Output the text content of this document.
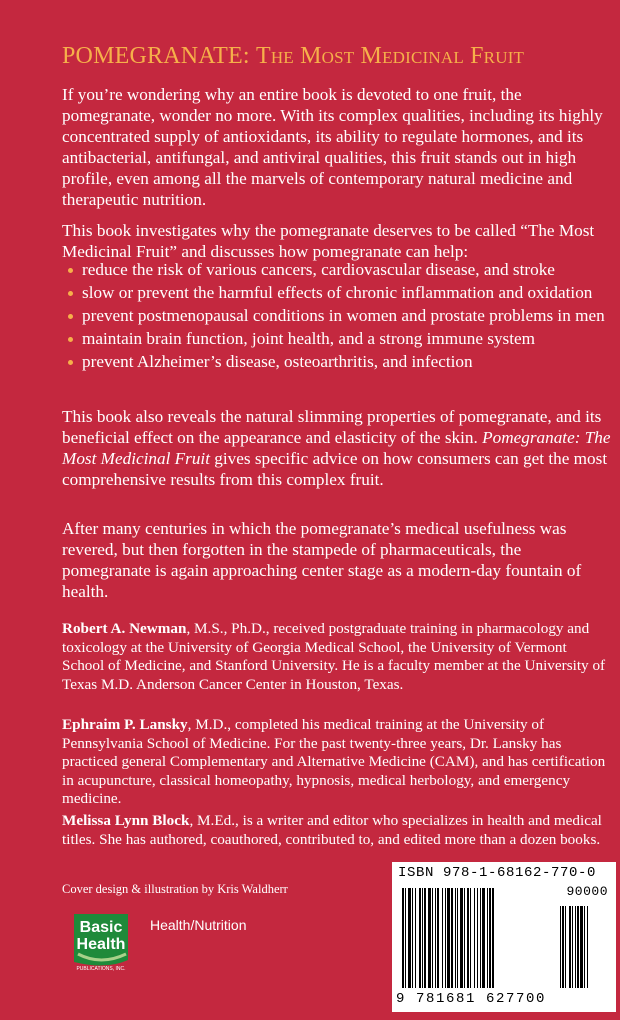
POMEGRANATE: The Most Medicinal Fruit

If you’re wondering why an entire book is devoted to one fruit, the pomegranate, wonder no more. With its complex qualities, including its highly concentrated supply of antioxidants, its ability to regulate hormones, and its antibacterial, antifungal, and antiviral qualities, this fruit stands out in high profile, even among all the marvels of contemporary natural medicine and therapeutic nutrition.

This book investigates why the pomegranate deserves to be called “The Most Medicinal Fruit” and discusses how pomegranate can help:

reduce the risk of various cancers, cardiovascular disease, and stroke
slow or prevent the harmful effects of chronic inflammation and oxidation
prevent postmenopausal conditions in women and prostate problems in men
maintain brain function, joint health, and a strong immune system
prevent Alzheimer’s disease, osteoarthritis, and infection

This book also reveals the natural slimming properties of pomegranate, and its beneficial effect on the appearance and elasticity of the skin. Pomegranate: The Most Medicinal Fruit gives specific advice on how consumers can get the most comprehensive results from this complex fruit.

After many centuries in which the pomegranate’s medical usefulness was revered, but then forgotten in the stampede of pharmaceuticals, the pomegranate is again approaching center stage as a modern-day fountain of health.

Robert A. Newman, M.S., Ph.D., received postgraduate training in pharmacology and toxicology at the University of Georgia Medical School, the University of Vermont School of Medicine, and Stanford University. He is a faculty member at the University of Texas M.D. Anderson Cancer Center in Houston, Texas.

Ephraim P. Lansky, M.D., completed his medical training at the University of Pennsylvania School of Medicine. For the past twenty-three years, Dr. Lansky has practiced general Complementary and Alternative Medicine (CAM), and has certification in acupuncture, classical homeopathy, hypnosis, medical herbology, and emergency medicine.

Melissa Lynn Block, M.Ed., is a writer and editor who specializes in health and medical titles. She has authored, coauthored, contributed to, and edited more than a dozen books.

Cover design & illustration by Kris Waldherr
Basic
Health
PUBLICATIONS, INC.
Health/Nutrition
ISBN 978-1-68162-770-0
90000
9 781681 627700
